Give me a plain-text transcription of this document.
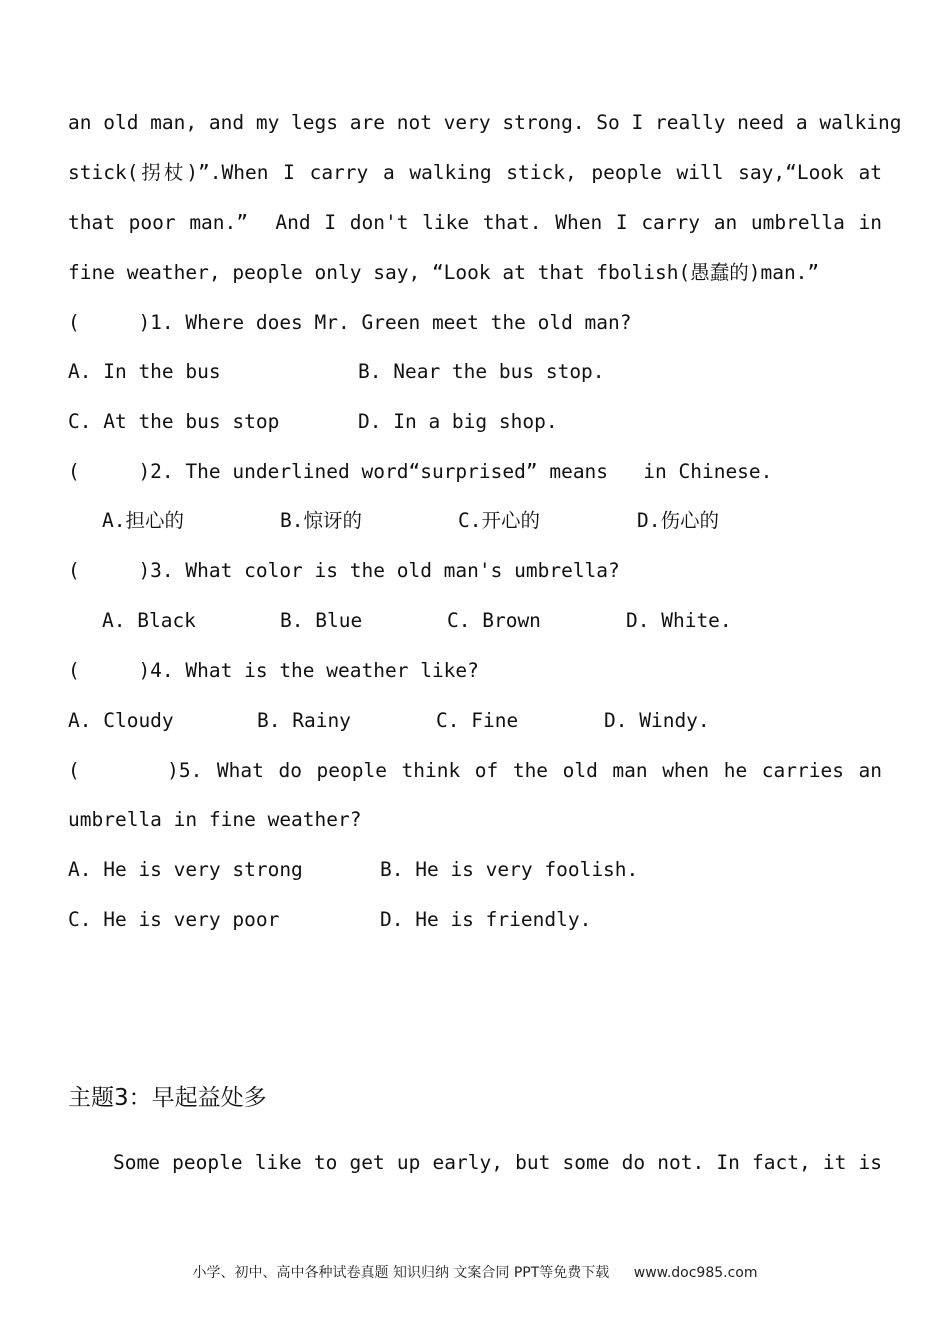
an old man, and my legs are not very strong. So I really need a walking
stick(拐杖)”.When I carry a walking stick, people will say,“Look at
that poor man.”  And I don't like that. When I carry an umbrella in
fine weather, people only say, “Look at that fbolish(愚蠢的)man.”
(     )1. Where does Mr. Green meet the old man?
A. In the bus	B. Near the bus stop.
C. At the bus stop	D. In a big shop.
(     )2. The underlined word“surprised” means   in Chinese.
A.担心的	B.惊讶的	C.开心的	D.伤心的
(     )3. What color is the old man's umbrella?
A. Black	B. Blue	C. Brown	D. White.
(     )4. What is the weather like?
A. Cloudy	B. Rainy	C. Fine	D. Windy.
(      )5. What do people think of the old man when he carries an
umbrella in fine weather?
A. He is very strong	B. He is very foolish.
C. He is very poor	D. He is friendly.
主题3：早起益处多
Some people like to get up early, but some do not. In fact, it is
小学、初中、高中各种试卷真题 知识归纳 文案合同 PPT等免费下载 www.doc985.com
